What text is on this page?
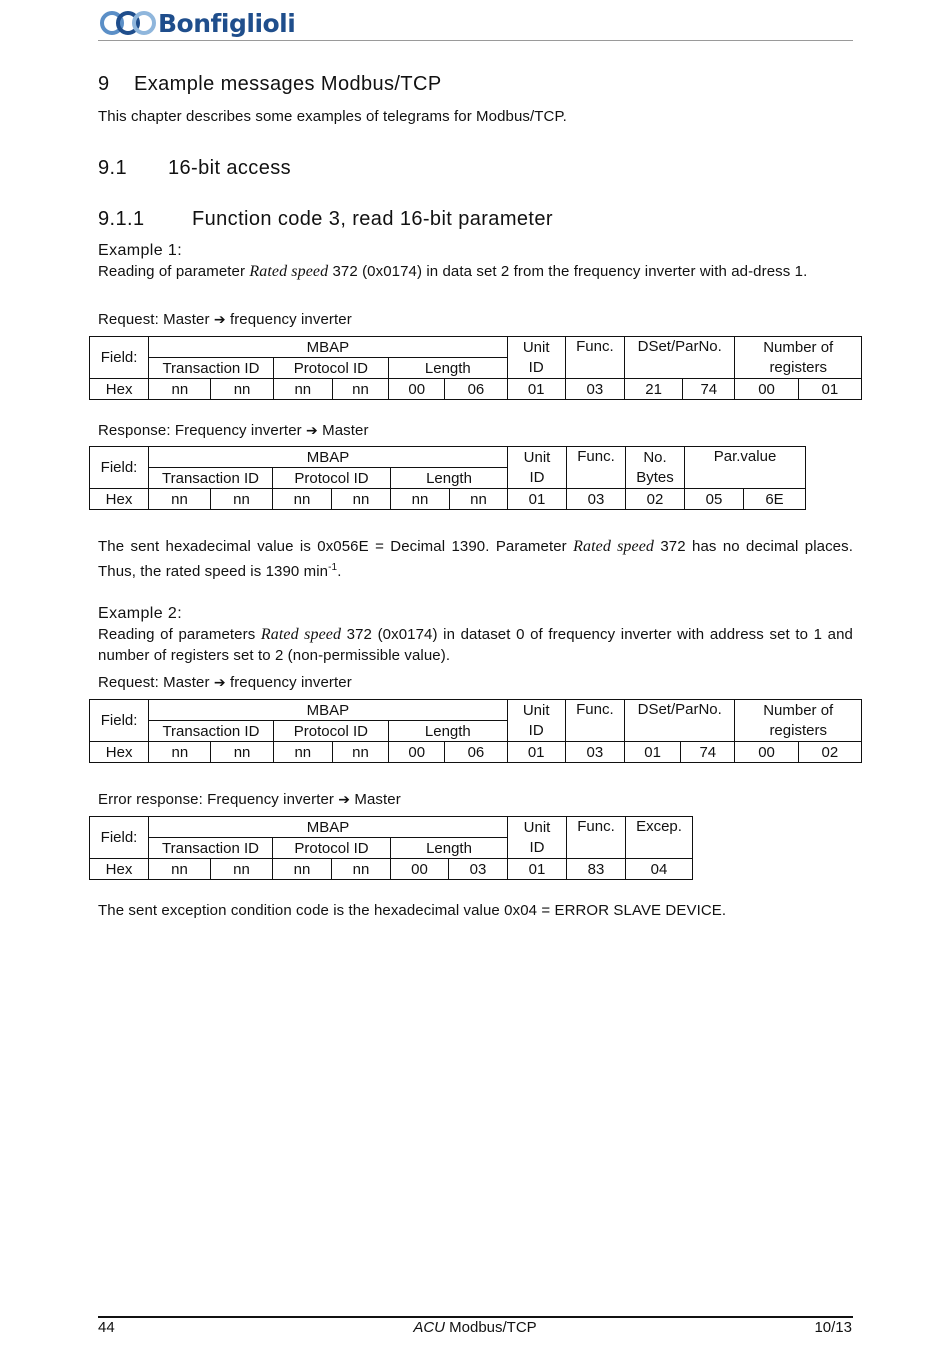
Bonfiglioli
9 Example messages Modbus/TCP
This chapter describes some examples of telegrams for Modbus/TCP.
9.1 16-bit access
9.1.1 Function code 3, read 16-bit parameter
Example 1:
Reading of parameter Rated speed 372 (0x0174) in data set 2 from the frequency inverter with ad-dress 1.
Request: Master ➔ frequency inverter
Field:	MBAP						Unit	Func.	DSet/ParNo.		Number of	
	Transaction ID		Protocol ID		Length		ID				registers	
Hex	nn	nn	nn	nn	00	06	01	03	21	74	00	01
Response: Frequency inverter ➔ Master
Field:	MBAP						Unit	Func.	No.	Par.value	
	Transaction ID		Protocol ID		Length		ID		Bytes		
Hex	nn	nn	nn	nn	nn	nn	01	03	02	05	6E
The sent hexadecimal value is 0x056E = Decimal 1390. Parameter Rated speed 372 has no decimal places. Thus, the rated speed is 1390 $\min^{-1}$.
Example 2:
Reading of parameters Rated speed 372 (0x0174) in dataset 0 of frequency inverter with address set to 1 and number of registers set to 2 (non-permissible value).
Request: Master ➔ frequency inverter
Field:	MBAP						Unit	Func.	DSet/ParNo.		Number of	
	Transaction ID		Protocol ID		Length		ID				registers	
Hex	nn	nn	nn	nn	00	06	01	03	01	74	00	02
Error response: Frequency inverter ➔ Master
Field:	MBAP						Unit	Func.	Excep.
	Transaction ID		Protocol ID		Length		ID		
Hex	nn	nn	nn	nn	00	03	01	83	04
The sent exception condition code is the hexadecimal value 0x04 = ERROR SLAVE DEVICE.
44	ACU Modbus/TCP	10/13
